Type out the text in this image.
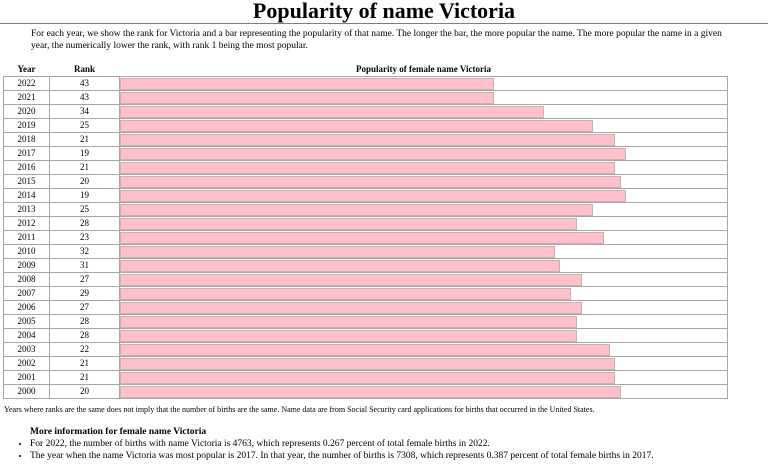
Popularity of name Victoria
For each year, we show the rank for Victoria and a bar representing the popularity of that name. The longer the bar, the more popular the name. The more popular the name in a given year, the numerically lower the rank, with rank 1 being the most popular.
Year	Rank	Popularity of female name Victoria
2022	43	

2021	43	

2020	34	

2019	25	

2018	21	

2017	19	

2016	21	

2015	20	

2014	19	

2013	25	

2012	28	

2011	23	

2010	32	

2009	31	

2008	27	

2007	29	

2006	27	

2005	28	

2004	28	

2003	22	

2002	21	

2001	21	

2000	20	
Years where ranks are the same does not imply that the number of births are the same. Name data are from Social Security card applications for births that occurred in the United States.
More information for female name Victoria
• For 2022, the number of births with name Victoria is 4763, which represents 0.267 percent of total female births in 2022.
• The year when the name Victoria was most popular is 2017. In that year, the number of births is 7308, which represents 0.387 percent of total female births in 2017.
